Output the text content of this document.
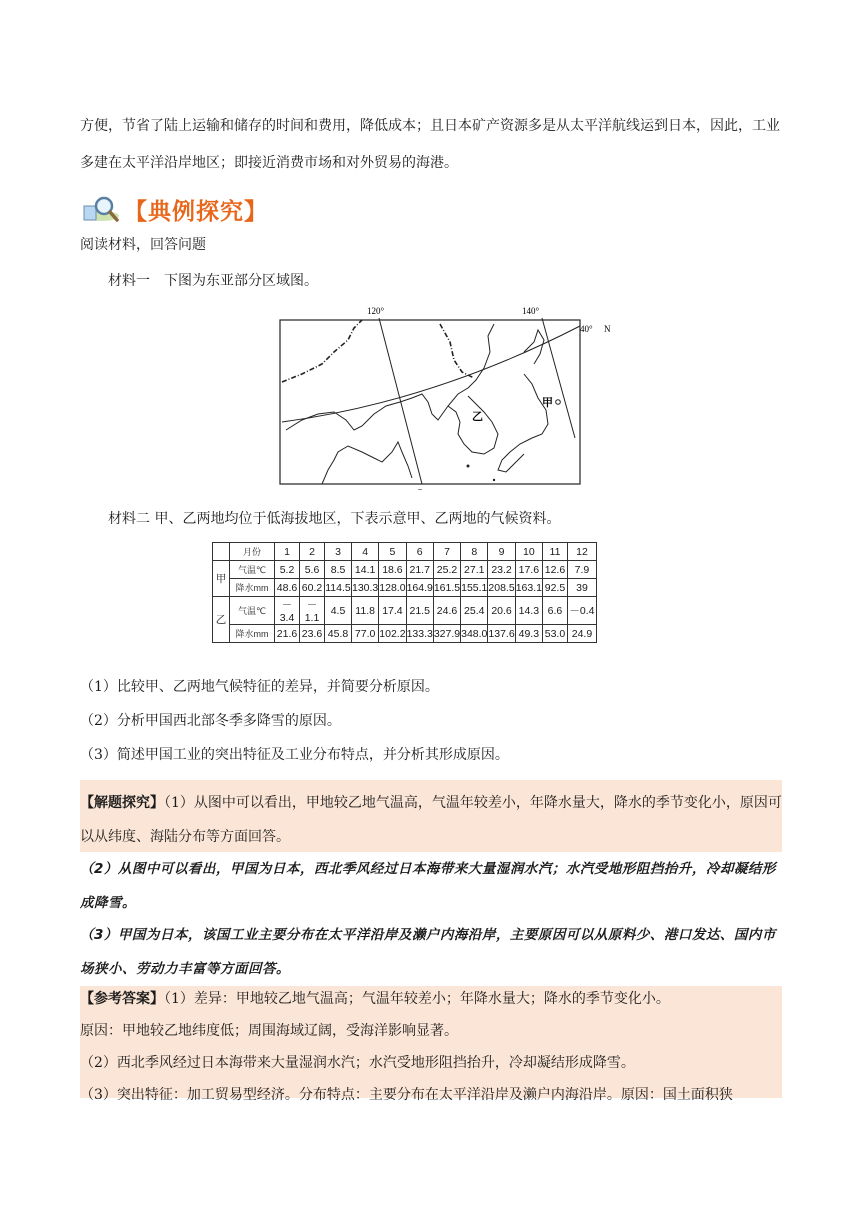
方便，节省了陆上运输和储存的时间和费用，降低成本；且日本矿产资源多是从太平洋航线运到日本，因此，工业多建在太平洋沿岸地区；即接近消费市场和对外贸易的海港。
【典例探究】
阅读材料，回答问题
材料一　下图为东亚部分区域图。
120°	140°
40° N
乙
甲
~
材料二 甲、乙两地均位于低海拔地区，下表示意甲、乙两地的气候资料。
	月份	1	2	3	4	5	6	7	8	9	10	11	12
甲	气温℃	5.2	5.6	8.5	14.1	18.6	21.7	25.2	27.1	23.2	17.6	12.6	7.9
	降水mm	48.6	60.2	114.5	130.3	128.0	164.9	161.5	155.1	208.5	163.1	92.5	39
乙	气温℃	－3.4	－1.1	4.5	11.8	17.4	21.5	24.6	25.4	20.6	14.3	6.6	－0.4
	降水mm	21.6	23.6	45.8	77.0	102.2	133.3	327.9	348.0	137.6	49.3	53.0	24.9
（1）比较甲、乙两地气候特征的差异，并简要分析原因。
（2）分析甲国西北部冬季多降雪的原因。
（3）简述甲国工业的突出特征及工业分布特点，并分析其形成原因。
【解题探究】（1）从图中可以看出，甲地较乙地气温高，气温年较差小，年降水量大，降水的季节变化小，原因可以从纬度、海陆分布等方面回答。
（2）从图中可以看出，甲国为日本，西北季风经过日本海带来大量湿润水汽；水汽受地形阻挡抬升，冷却凝结形成降雪。
（3）甲国为日本，该国工业主要分布在太平洋沿岸及濑户内海沿岸，主要原因可以从原料少、港口发达、国内市场狭小、劳动力丰富等方面回答。
【参考答案】（1）差异：甲地较乙地气温高；气温年较差小；年降水量大；降水的季节变化小。
原因：甲地较乙地纬度低；周围海域辽阔，受海洋影响显著。
（2）西北季风经过日本海带来大量湿润水汽；水汽受地形阻挡抬升，冷却凝结形成降雪。
（3）突出特征：加工贸易型经济。分布特点：主要分布在太平洋沿岸及濑户内海沿岸。原因：国土面积狭
